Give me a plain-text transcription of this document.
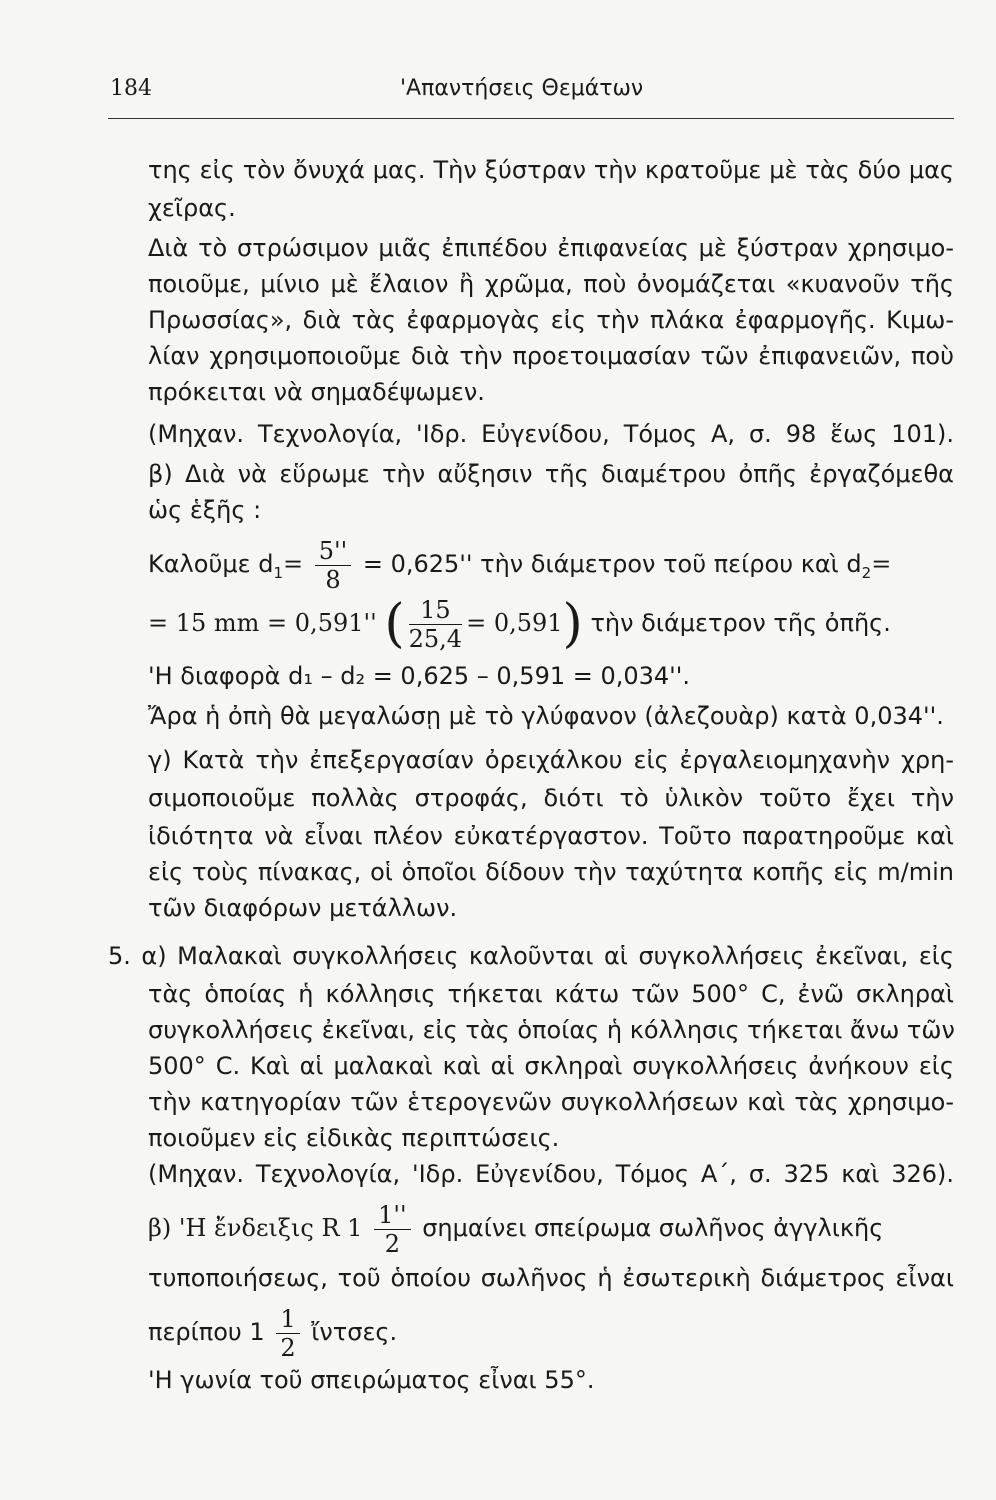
184	'Απαντήσεις Θεμάτων
της εἰς τὸν ὄνυχά μας. Τὴν ξύστραν τὴν κρατοῦμε μὲ τὰς δύο μας
χεῖρας.
Διὰ τὸ στρώσιμον μιᾶς ἐπιπέδου ἐπιφανείας μὲ ξύστραν χρησιμο-
ποιοῦμε, μίνιο μὲ ἔλαιον ἢ χρῶμα, ποὺ ὀνομάζεται «κυανοῦν τῆς
Πρωσσίας», διὰ τὰς ἐφαρμογὰς εἰς τὴν πλάκα ἐφαρμογῆς. Κιμω-
λίαν χρησιμοποιοῦμε διὰ τὴν προετοιμασίαν τῶν ἐπιφανειῶν, ποὺ
πρόκειται νὰ σημαδέψωμεν.
(Μηχαν. Τεχνολογία, 'Ιδρ. Εὐγενίδου, Τόμος Α, σ. 98 ἕως 101).
β) Διὰ νὰ εὕρωμε τὴν αὔξησιν τῆς διαμέτρου ὀπῆς ἐργαζόμεθα
ὡς ἑξῆς :
Καλοῦμε $d_1= \frac{5''}{8} = 0,625''$ τὴν διάμετρον τοῦ πείρου καὶ $d_2=$
= 15 mm = 0,591'' ( $\frac{15}{25,4} = 0,591$) τὴν διάμετρον τῆς ὀπῆς.
'Η διαφορὰ d₁ – d₂ = 0,625 – 0,591 = 0,034''.
Ἄρα ἡ ὀπὴ θὰ μεγαλώσῃ μὲ τὸ γλύφανον (ἀλεζουὰρ) κατὰ 0,034''.
γ) Κατὰ τὴν ἐπεξεργασίαν ὀρειχάλκου εἰς ἐργαλειομηχανὴν χρη-
σιμοποιοῦμε πολλὰς στροφάς, διότι τὸ ὑλικὸν τοῦτο ἔχει τὴν
ἰδιότητα νὰ εἶναι πλέον εὐκατέργαστον. Τοῦτο παρατηροῦμε καὶ
εἰς τοὺς πίνακας, οἱ ὁποῖοι δίδουν τὴν ταχύτητα κοπῆς εἰς m/min
τῶν διαφόρων μετάλλων.
5. α) Μαλακαὶ συγκολλήσεις καλοῦνται αἱ συγκολλήσεις ἐκεῖναι, εἰς
τὰς ὁποίας ἡ κόλλησις τήκεται κάτω τῶν 500° C, ἐνῶ σκληραὶ
συγκολλήσεις ἐκεῖναι, εἰς τὰς ὁποίας ἡ κόλλησις τήκεται ἄνω τῶν
500° C. Καὶ αἱ μαλακαὶ καὶ αἱ σκληραὶ συγκολλήσεις ἀνήκουν εἰς
τὴν κατηγορίαν τῶν ἑτερογενῶν συγκολλήσεων καὶ τὰς χρησιμο-
ποιοῦμεν εἰς εἰδικὰς περιπτώσεις.
(Μηχαν. Τεχνολογία, 'Ιδρ. Εὐγενίδου, Τόμος Α΄, σ. 325 καὶ 326).
β) 'Η ἔνδειξις R $1 \frac{1''}{2}$ σημαίνει σπείρωμα σωλῆνος ἀγγλικῆς
τυποποιήσεως, τοῦ ὁποίου σωλῆνος ἡ ἐσωτερικὴ διάμετρος εἶναι
περίπου $1 \frac{1}{2}$ ἴντσες.
'Η γωνία τοῦ σπειρώματος εἶναι 55°.
